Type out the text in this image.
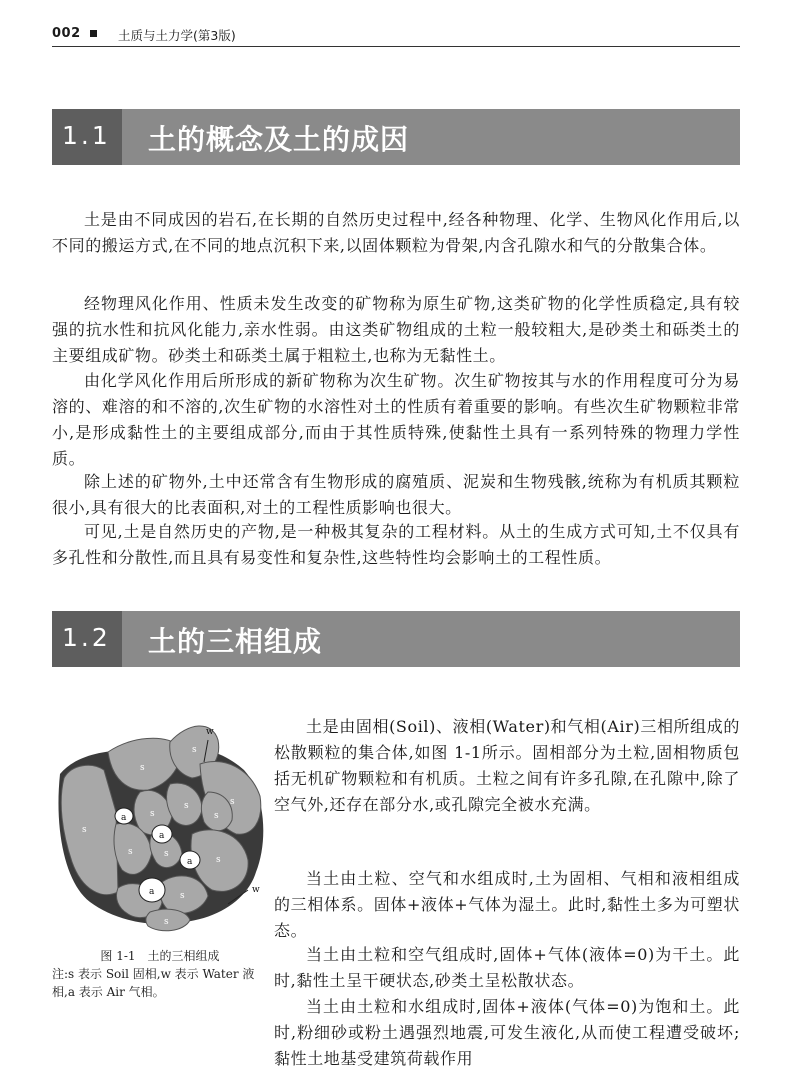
002	土质与土力学(第3版)
1.1 土的概念及土的成因

土是由不同成因的岩石,在长期的自然历史过程中,经各种物理、化学、生物风化作用后,以不同的搬运方式,在不同的地点沉积下来,以固体颗粒为骨架,内含孔隙水和气的分散集合体。

经物理风化作用、性质未发生改变的矿物称为原生矿物,这类矿物的化学性质稳定,具有较强的抗水性和抗风化能力,亲水性弱。由这类矿物组成的土粒一般较粗大,是砂类土和砾类土的主要组成矿物。砂类土和砾类土属于粗粒土,也称为无黏性土。

由化学风化作用后所形成的新矿物称为次生矿物。次生矿物按其与水的作用程度可分为易溶的、难溶的和不溶的,次生矿物的水溶性对土的性质有着重要的影响。有些次生矿物颗粒非常小,是形成黏性土的主要组成部分,而由于其性质特殊,使黏性土具有一系列特殊的物理力学性质。

除上述的矿物外,土中还常含有生物形成的腐殖质、泥炭和生物残骸,统称为有机质其颗粒很小,具有很大的比表面积,对土的工程性质影响也很大。

可见,土是自然历史的产物,是一种极其复杂的工程材料。从土的生成方式可知,土不仅具有多孔性和分散性,而且具有易变性和复杂性,这些特性均会影响土的工程性质。

1.2 土的三相组成
s
s
s
s
s
s
s
s	s
s
s
s
a
a
a
a
w
w
图 1-1　土的三相组成
注:s 表示 Soil 固相,w 表示 Water 液相,a 表示 Air 气相。

土是由固相(Soil)、液相(Water)和气相(Air)三相所组成的松散颗粒的集合体,如图 1-1所示。固相部分为土粒,固相物质包括无机矿物颗粒和有机质。土粒之间有许多孔隙,在孔隙中,除了空气外,还存在部分水,或孔隙完全被水充满。

当土由土粒、空气和水组成时,土为固相、气相和液相组成的三相体系。固体+液体+气体为湿土。此时,黏性土多为可塑状态。

当土由土粒和空气组成时,固体+气体(液体=0)为干土。此时,黏性土呈干硬状态,砂类土呈松散状态。

当土由土粒和水组成时,固体+液体(气体=0)为饱和土。此时,粉细砂或粉土遇强烈地震,可发生液化,从而使工程遭受破坏;黏性土地基受建筑荷载作用
